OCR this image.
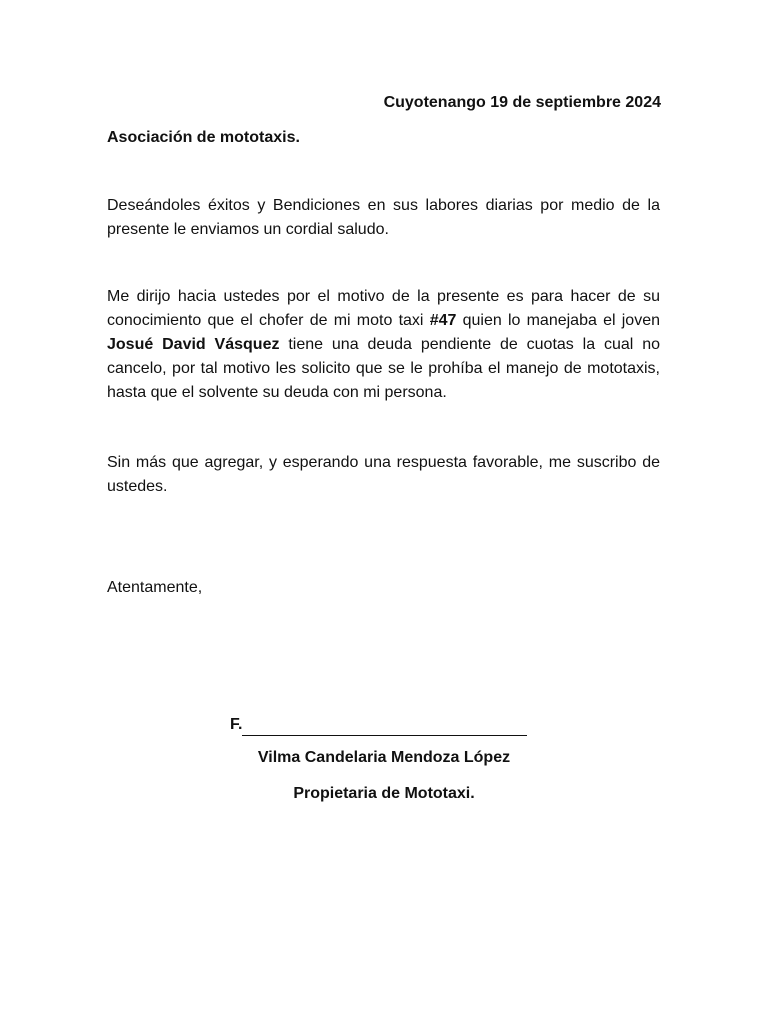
Cuyotenango 19 de septiembre 2024
Asociación de mototaxis.
Deseándoles éxitos y Bendiciones en sus labores diarias por medio de la presente le enviamos un cordial saludo.
Me dirijo hacia ustedes por el motivo de la presente es para hacer de su conocimiento que el chofer de mi moto taxi #47 quien lo manejaba el joven Josué David Vásquez tiene una deuda pendiente de cuotas la cual no cancelo, por tal motivo les solicito que se le prohíba el manejo de mototaxis, hasta que el solvente su deuda con mi persona.
Sin más que agregar, y esperando una respuesta favorable, me suscribo de ustedes.
Atentamente,
F.
Vilma Candelaria Mendoza López
Propietaria de Mototaxi.
